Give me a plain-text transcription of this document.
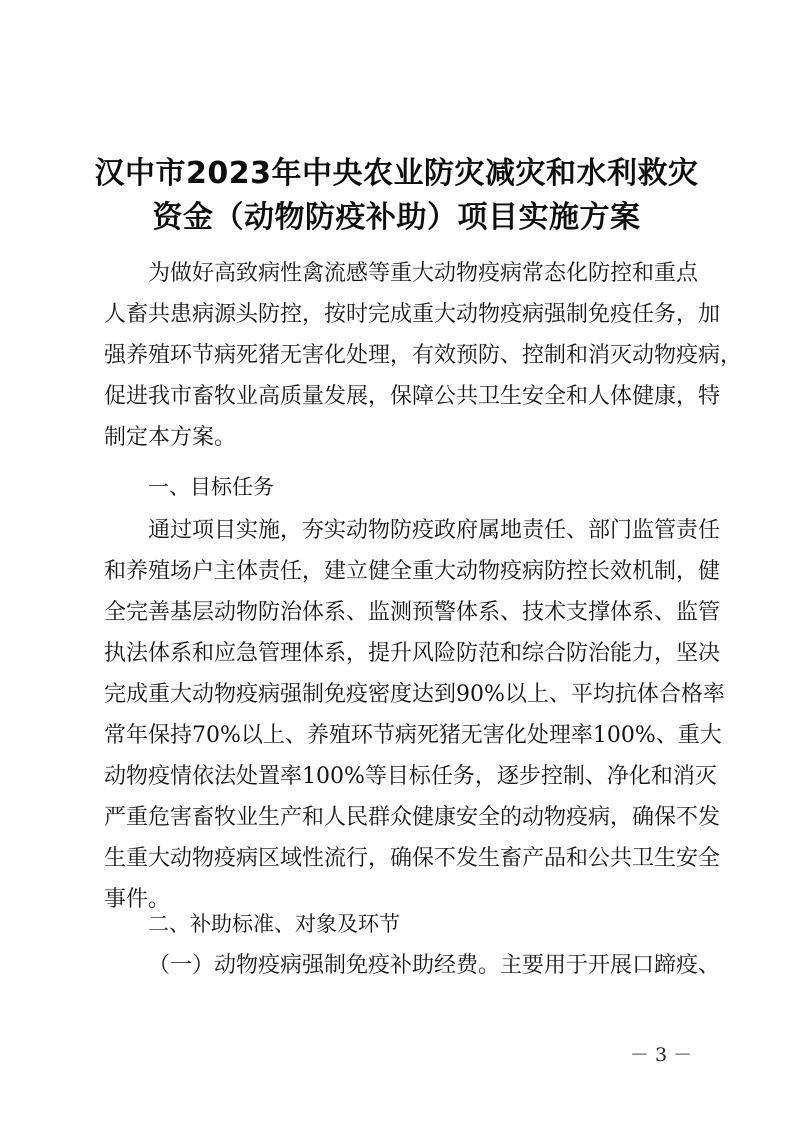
汉中市2023年中央农业防灾减灾和水利救灾
资金（动物防疫补助）项目实施方案
为做好高致病性禽流感等重大动物疫病常态化防控和重点
人畜共患病源头防控，按时完成重大动物疫病强制免疫任务，加
强养殖环节病死猪无害化处理，有效预防、控制和消灭动物疫病，
促进我市畜牧业高质量发展，保障公共卫生安全和人体健康，特
制定本方案。
一、目标任务
通过项目实施，夯实动物防疫政府属地责任、部门监管责任
和养殖场户主体责任，建立健全重大动物疫病防控长效机制，健
全完善基层动物防治体系、监测预警体系、技术支撑体系、监管
执法体系和应急管理体系，提升风险防范和综合防治能力，坚决
完成重大动物疫病强制免疫密度达到90%以上、平均抗体合格率
常年保持70%以上、养殖环节病死猪无害化处理率100%、重大
动物疫情依法处置率100%等目标任务，逐步控制、净化和消灭
严重危害畜牧业生产和人民群众健康安全的动物疫病，确保不发
生重大动物疫病区域性流行，确保不发生畜产品和公共卫生安全
事件。
二、补助标准、对象及环节
（一）动物疫病强制免疫补助经费。主要用于开展口蹄疫、
－ 3 －
